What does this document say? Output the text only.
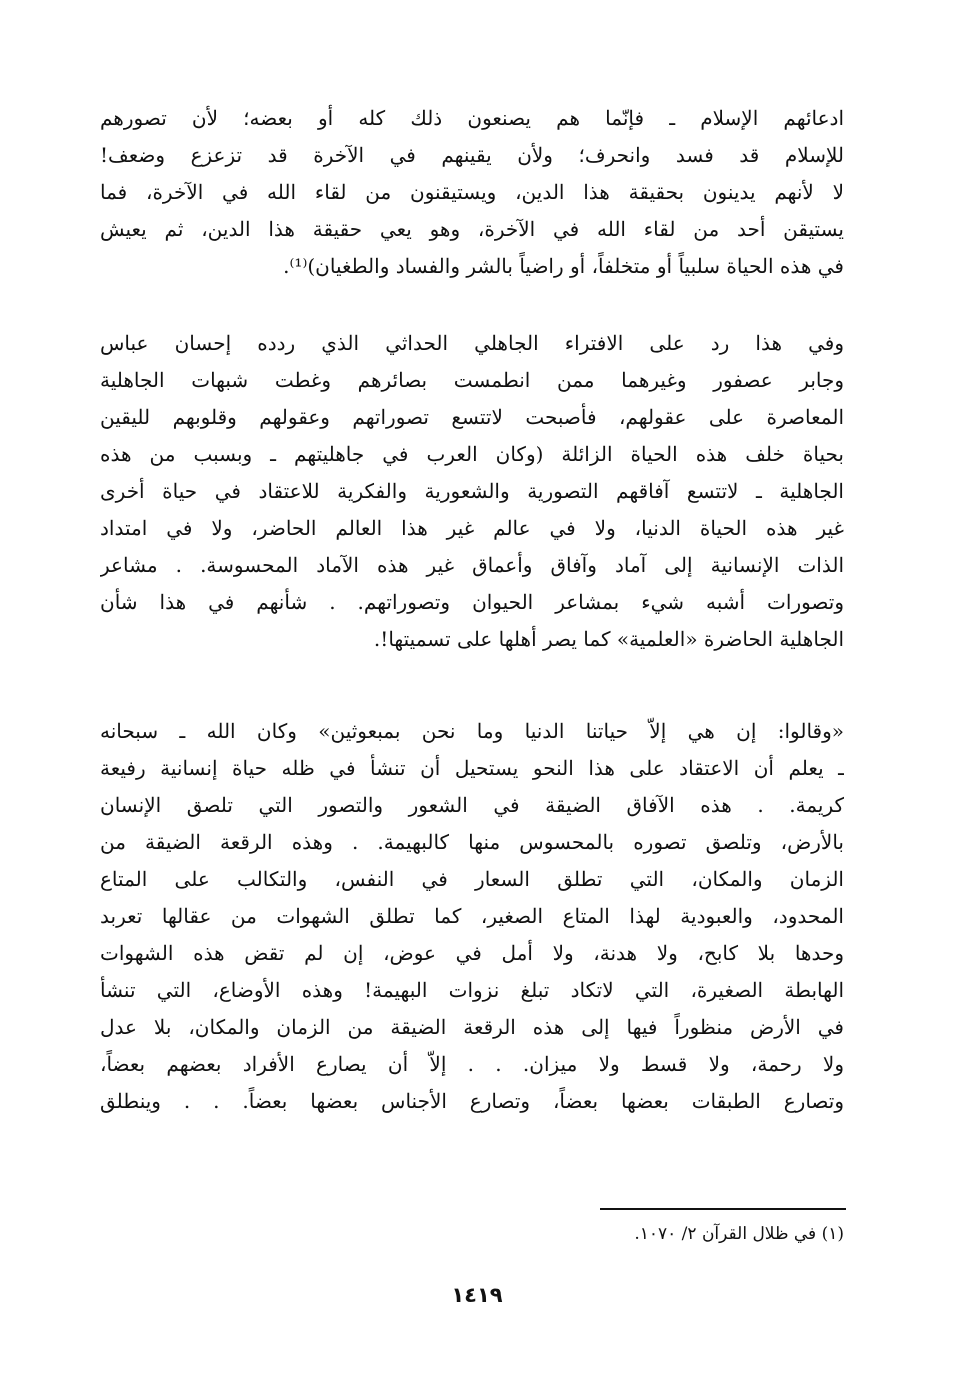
ادعائهم الإسلام ـ فإنّما هم يصنعون ذلك كله أو بعضه؛ لأن تصورهم
للإسلام قد فسد وانحرف؛ ولأن يقينهم في الآخرة قد تزعزع وضعف!
لا لأنهم يدينون بحقيقة هذا الدين، ويستيقنون من لقاء الله في الآخرة، فما
يستيقن أحد من لقاء الله في الآخرة، وهو يعي حقيقة هذا الدين، ثم يعيش
في هذه الحياة سلبياً أو متخلفاً، أو راضياً بالشر والفساد والطغيان)⁽¹⁾.
وفي هذا رد على الافتراء الجاهلي الحداثي الذي ردده إحسان عباس
وجابر عصفور وغيرهما ممن انطمست بصائرهم وغطت شبهات الجاهلية
المعاصرة على عقولهم، فأصبحت لاتتسع تصوراتهم وعقولهم وقلوبهم لليقين
بحياة خلف هذه الحياة الزائلة (وكان العرب في جاهليتهم ـ وبسبب من هذه
الجاهلية ـ لاتتسع آفاقهم التصورية والشعورية والفكرية للاعتقاد في حياة أخرى
غير هذه الحياة الدنيا، ولا في عالم غير هذا العالم الحاضر، ولا في امتداد
الذات الإنسانية إلى آماد وآفاق وأعماق غير هذه الآماد المحسوسة. . مشاعر
وتصورات أشبه شيء بمشاعر الحيوان وتصوراتهم. . شأنهم في هذا شأن
الجاهلية الحاضرة «العلمية» كما يصر أهلها على تسميتها!.
«وقالوا: إن هي إلاّ حياتنا الدنيا وما نحن بمبعوثين» وكان الله ـ سبحانه
ـ يعلم أن الاعتقاد على هذا النحو يستحيل أن تنشأ في ظله حياة إنسانية رفيعة
كريمة. . هذه الآفاق الضيقة في الشعور والتصور التي تلصق الإنسان
بالأرض، وتلصق تصوره بالمحسوس منها كالبهيمة. . وهذه الرقعة الضيقة من
الزمان والمكان، التي تطلق السعار في النفس، والتكالب على المتاع
المحدود، والعبودية لهذا المتاع الصغير، كما تطلق الشهوات من عقالها تعربد
وحدها بلا كابح، ولا هدنة، ولا أمل في عوض، إن لم تقض هذه الشهوات
الهابطة الصغيرة، التي لاتكاد تبلغ نزوات البهيمة! وهذه الأوضاع، التي تنشأ
في الأرض منظوراً فيها إلى هذه الرقعة الضيقة من الزمان والمكان، بلا عدل
ولا رحمة، ولا قسط ولا ميزان. . . إلاّ أن يصارع الأفراد بعضهم بعضاً،
وتصارع الطبقات بعضها بعضاً، وتصارع الأجناس بعضها بعضاً. . . وينطلق
(١) في ظلال القرآن ٢/ ١٠٧٠.
١٤١٩
